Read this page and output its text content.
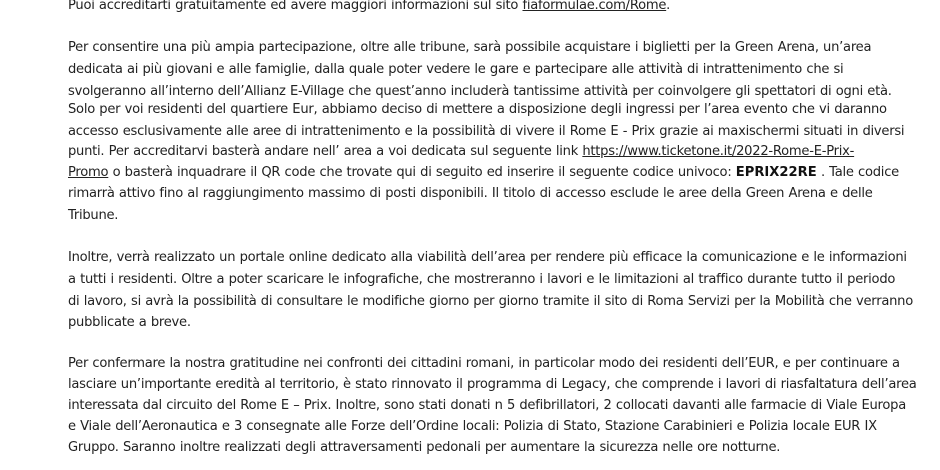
Puoi accreditarti gratuitamente ed avere maggiori informazioni sul sito fiaformulae.com/Rome.

Per consentire una più ampia partecipazione, oltre alle tribune, sarà possibile acquistare i biglietti per la Green Arena, un’area

dedicata ai più giovani e alle famiglie, dalla quale poter vedere le gare e partecipare alle attività di intrattenimento che si

svolgeranno all’interno dell’Allianz E-Village che quest’anno includerà tantissime attività per coinvolgere gli spettatori di ogni età.

Solo per voi residenti del quartiere Eur, abbiamo deciso di mettere a disposizione degli ingressi per l’area evento che vi daranno

accesso esclusivamente alle aree di intrattenimento e la possibilità di vivere il Rome E - Prix grazie ai maxischermi situati in diversi

punti. Per accreditarvi basterà andare nell’ area a voi dedicata sul seguente link https://www.ticketone.it/2022-Rome-E-Prix-

Promo o basterà inquadrare il QR code che trovate qui di seguito ed inserire il seguente codice univoco: EPRIX22RE . Tale codice

rimarrà attivo fino al raggiungimento massimo di posti disponibili. Il titolo di accesso esclude le aree della Green Arena e delle

Tribune.

Inoltre, verrà realizzato un portale online dedicato alla viabilità dell’area per rendere più efficace la comunicazione e le informazioni

a tutti i residenti. Oltre a poter scaricare le infografiche, che mostreranno i lavori e le limitazioni al traffico durante tutto il periodo

di lavoro, si avrà la possibilità di consultare le modifiche giorno per giorno tramite il sito di Roma Servizi per la Mobilità che verranno

pubblicate a breve.

Per confermare la nostra gratitudine nei confronti dei cittadini romani, in particolar modo dei residenti dell’EUR, e per continuare a

lasciare un’importante eredità al territorio, è stato rinnovato il programma di Legacy, che comprende i lavori di riasfaltatura dell’area

interessata dal circuito del Rome E – Prix. Inoltre, sono stati donati n 5 defibrillatori, 2 collocati davanti alle farmacie di Viale Europa

e Viale dell’Aeronautica e 3 consegnate alle Forze dell’Ordine locali: Polizia di Stato, Stazione Carabinieri e Polizia locale EUR IX

Gruppo. Saranno inoltre realizzati degli attraversamenti pedonali per aumentare la sicurezza nelle ore notturne.
